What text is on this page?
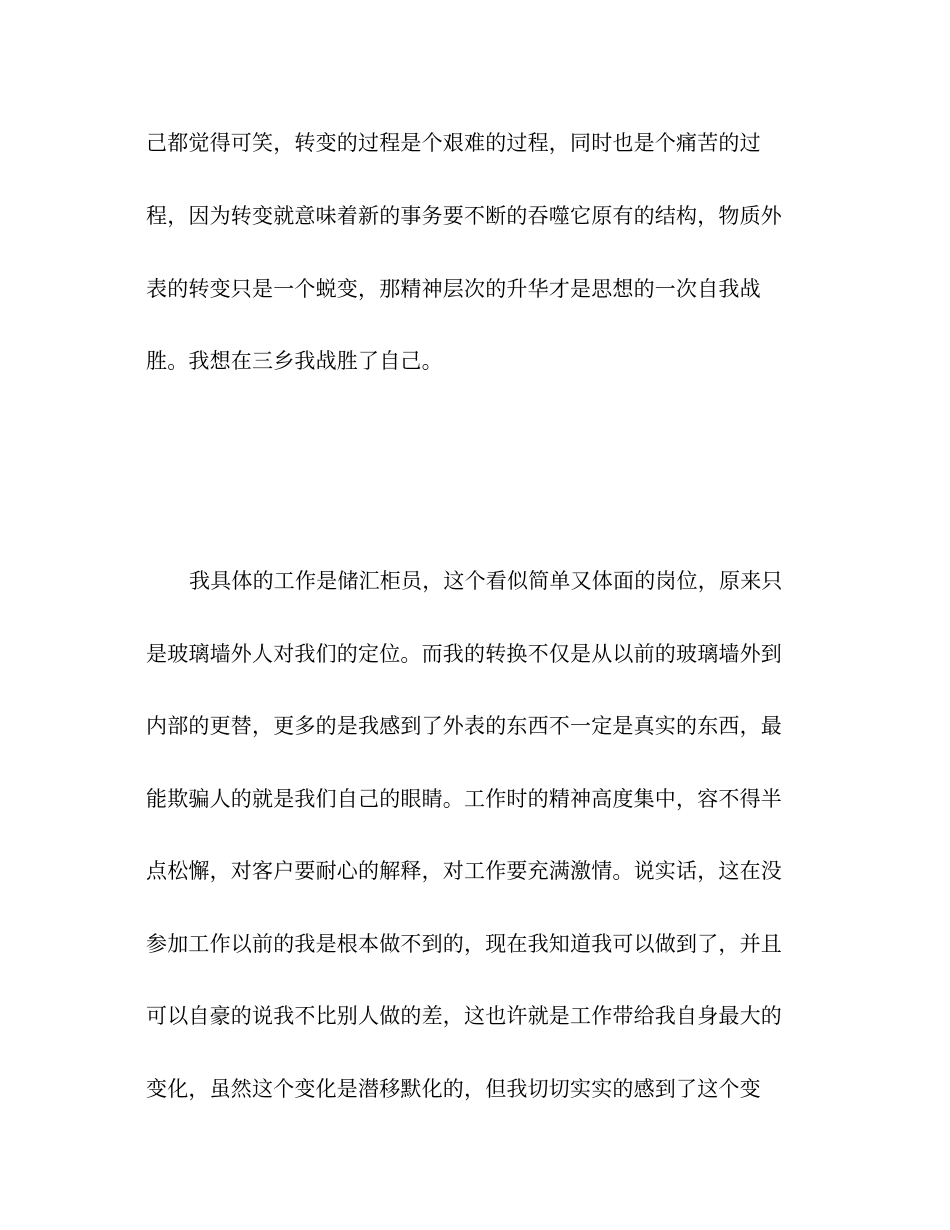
己都觉得可笑，转变的过程是个艰难的过程，同时也是个痛苦的过
程，因为转变就意味着新的事务要不断的吞噬它原有的结构，物质外
表的转变只是一个蜕变，那精神层次的升华才是思想的一次自我战
胜。我想在三乡我战胜了自己。
我具体的工作是储汇柜员，这个看似简单又体面的岗位，原来只
是玻璃墙外人对我们的定位。而我的转换不仅是从以前的玻璃墙外到
内部的更替，更多的是我感到了外表的东西不一定是真实的东西，最
能欺骗人的就是我们自己的眼睛。工作时的精神高度集中，容不得半
点松懈，对客户要耐心的解释，对工作要充满激情。说实话，这在没
参加工作以前的我是根本做不到的，现在我知道我可以做到了，并且
可以自豪的说我不比别人做的差，这也许就是工作带给我自身最大的
变化，虽然这个变化是潜移默化的，但我切切实实的感到了这个变
